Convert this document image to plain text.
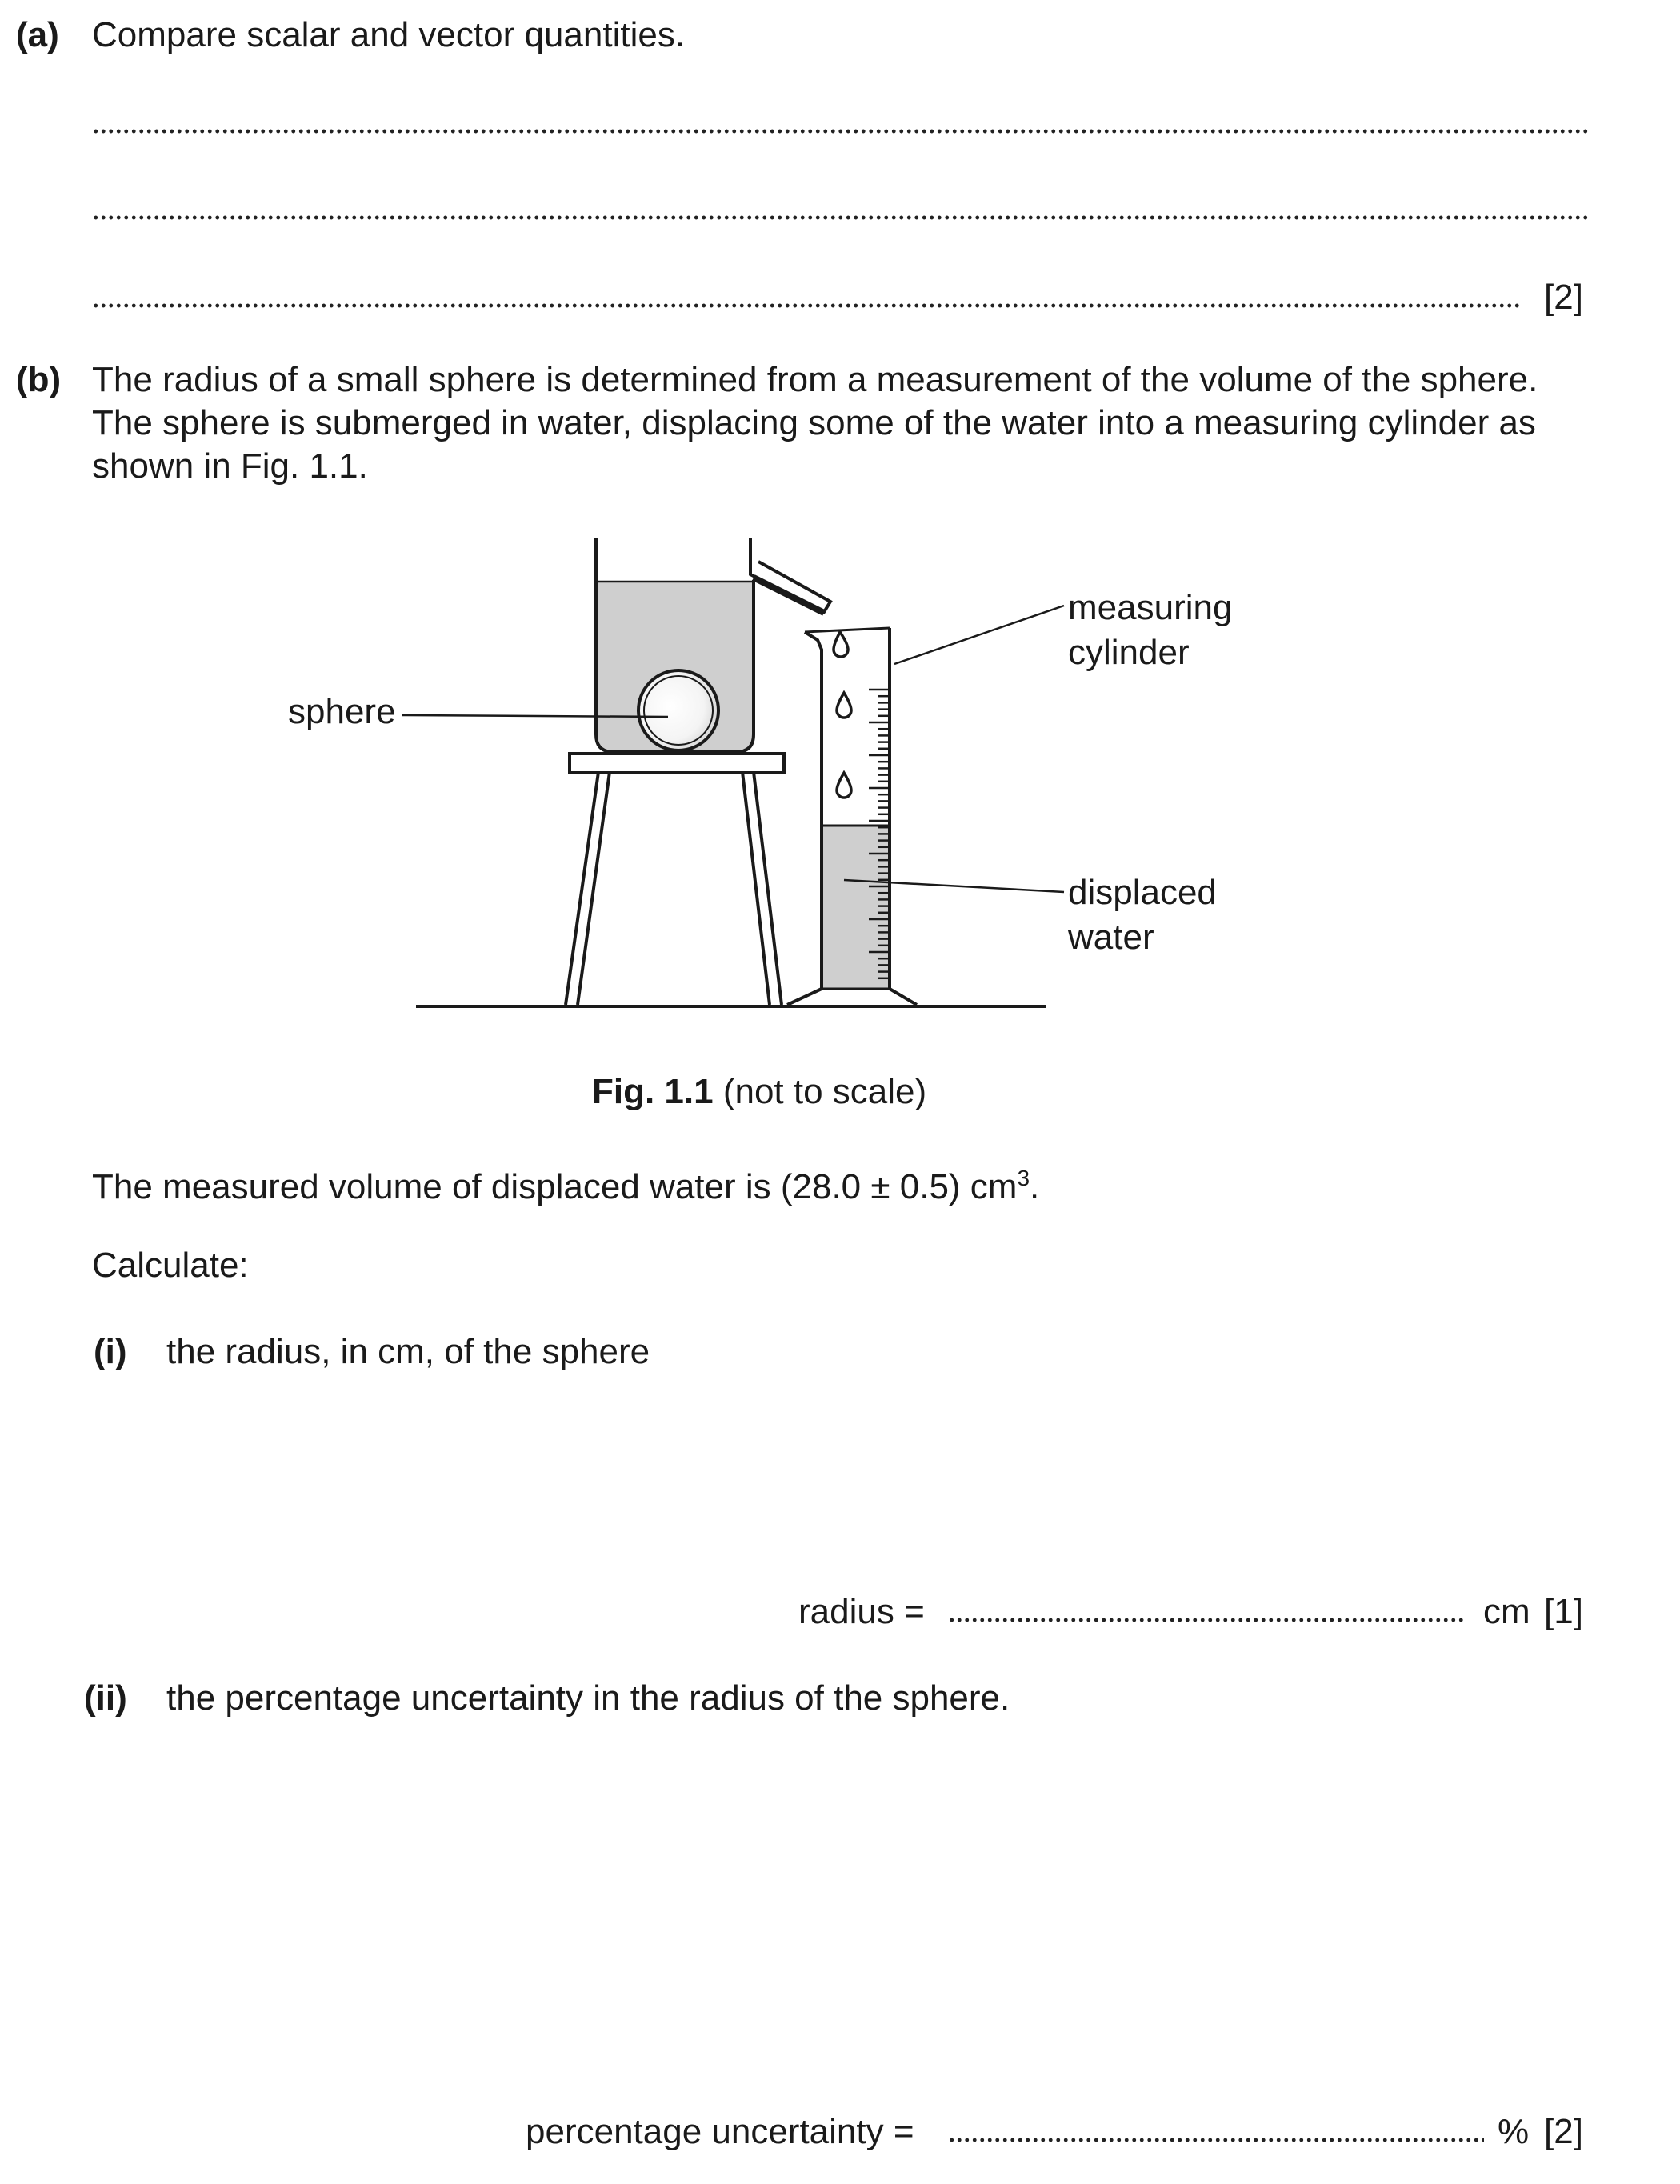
(a) Compare scalar and vector quantities.
[2]
(b) The radius of a small sphere is determined from a measurement of the volume of the sphere. The sphere is submerged in water, displacing some of the water into a measuring cylinder as shown in Fig. 1.1.
sphere
measuring
cylinder
displaced
water
Fig. 1.1 (not to scale)
The measured volume of displaced water is (28.0 ± 0.5) $cm^3$.
Calculate:
(i) the radius, in cm, of the sphere
radius =	cm [1]
(ii) the percentage uncertainty in the radius of the sphere.
percentage uncertainty =	% [2]
